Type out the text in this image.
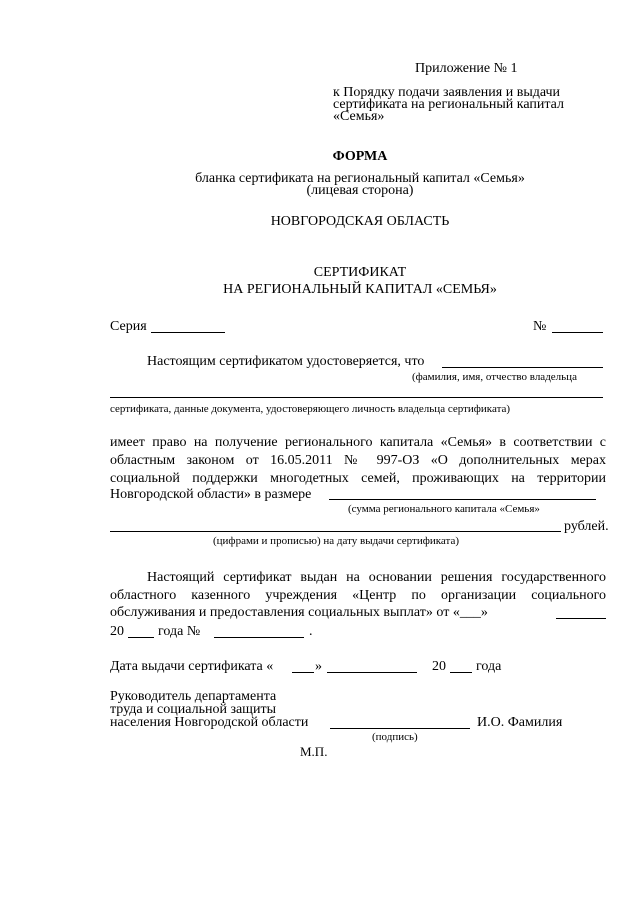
Приложение № 1
к Порядку подачи заявления и выдачи
сертификата на региональный капитал
«Семья»
ФОРМА
бланка сертификата на региональный капитал «Семья»
(лицевая сторона)
НОВГОРОДСКАЯ ОБЛАСТЬ
СЕРТИФИКАТ
НА РЕГИОНАЛЬНЫЙ КАПИТАЛ «СЕМЬЯ»
Серия	№
Настоящим сертификатом удостоверяется, что
(фамилия, имя, отчество владельца
сертификата, данные документа, удостоверяющего личность владельца сертификата)
имеет право на получение регионального капитала «Семья» в соответствии с
областным законом от 16.05.2011 № 997-ОЗ «О дополнительных мерах
социальной поддержки многодетных семей, проживающих на территории
Новгородской области» в размере
(сумма регионального капитала «Семья»
рублей.
(цифрами и прописью) на дату выдачи сертификата)
Настоящий сертификат выдан на основании решения государственного
областного казенного учреждения «Центр по организации социального
обслуживания и предоставления социальных выплат» от «___»
20 года №	.
Дата выдачи сертификата «	»	20 года
Руководитель департамента
труда и социальной защиты
населения Новгородской области	И.О. Фамилия
(подпись)
М.П.
